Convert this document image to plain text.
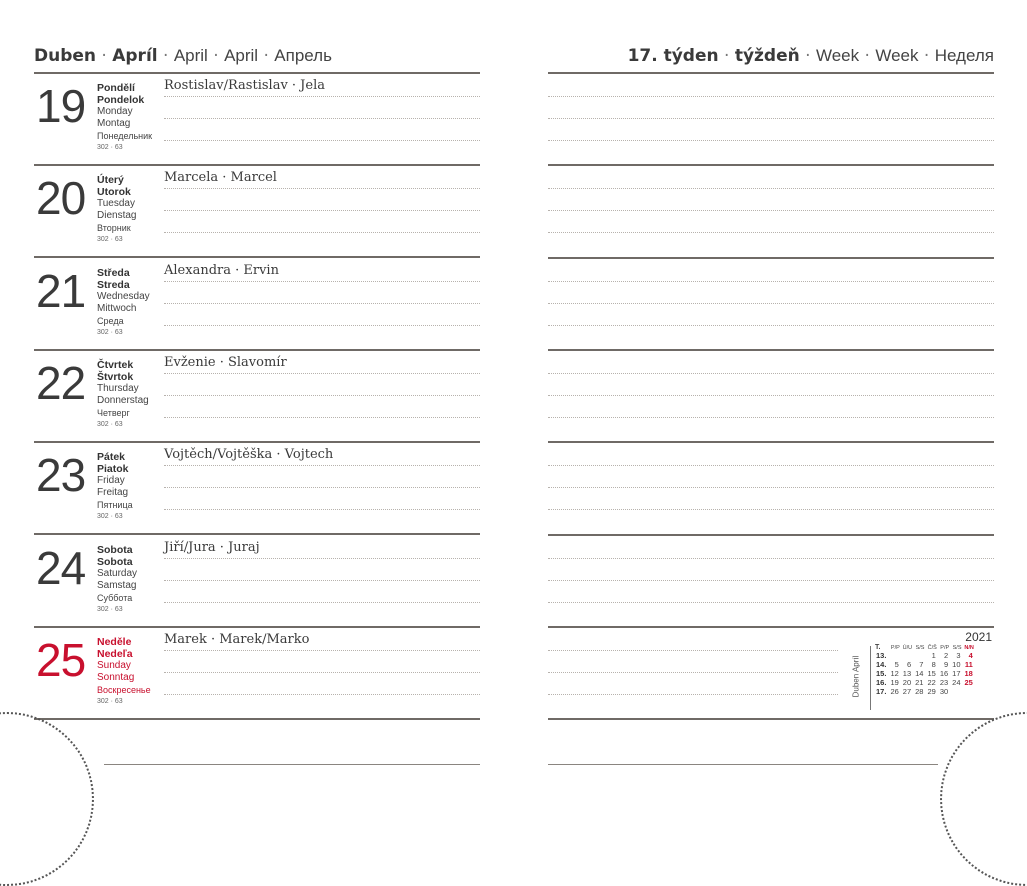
Duben · Apríl · April · April · Апрель
19 Pondělí
Pondelok
Monday
Montag
Понедельник
302 · 63
Rostislav/Rastislav · Jela
20 Úterý
Utorok
Tuesday
Dienstag
Вторник
302 · 63
Marcela · Marcel
21 Středa
Streda
Wednesday
Mittwoch
Среда
302 · 63
Alexandra · Ervin
22 Čtvrtek
Štvrtok
Thursday
Donnerstag
Четверг
302 · 63
Evženie · Slavomír
23 Pátek
Piatok
Friday
Freitag
Пятница
302 · 63
Vojtěch/Vojtěška · Vojtech
24 Sobota
Sobota
Saturday
Samstag
Суббота
302 · 63
Jiří/Jura · Juraj
25 Neděle
Nedeľa
Sunday
Sonntag
Воскресенье
302 · 63
Marek · Marek/Marko
17. týden · týždeň · Week · Week · Неделя
2021
Duben Apríl
T.	P/P	Ú/U	S/S	Č/Š	P/P	S/S	N/N
13.				1	2	3	4
14.	5	6	7	8	9	10	11
15.	12	13	14	15	16	17	18
16.	19	20	21	22	23	24	25
17.	26	27	28	29	30		
